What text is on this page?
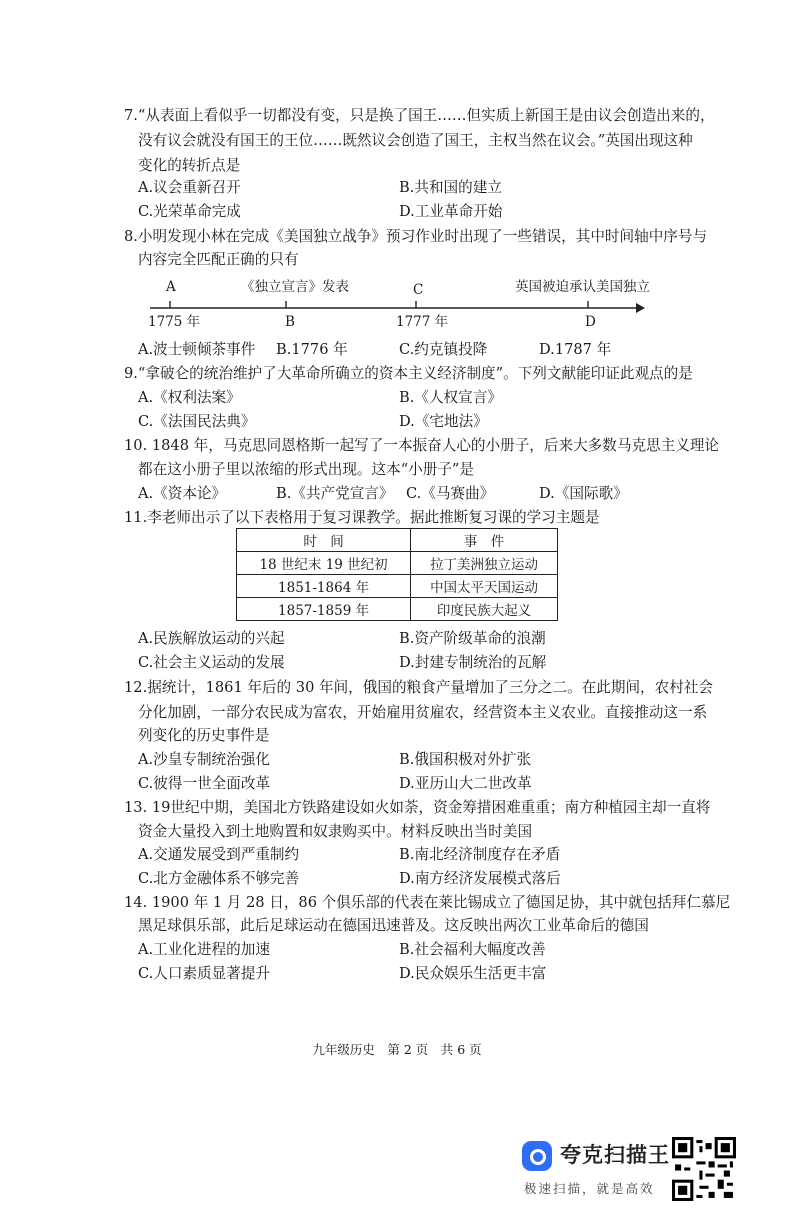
7.“从表面上看似乎一切都没有变，只是换了国王……但实质上新国王是由议会创造出来的，
没有议会就没有国王的王位……既然议会创造了国王，主权当然在议会。”英国出现这种
变化的转折点是
A.议会重新召开	B.共和国的建立
C.光荣革命完成	D.工业革命开始
8.小明发现小林在完成《美国独立战争》预习作业时出现了一些错误，其中时间轴中序号与
内容完全匹配正确的只有
A	《独立宣言》发表	C	英国被迫承认美国独立
1775 年	B	1777 年	D
A.波士顿倾茶事件 B.1776 年	C.约克镇投降	D.1787 年
9.“拿破仑的统治维护了大革命所确立的资本主义经济制度”。下列文献能印证此观点的是
A.《权利法案》	B.《人权宣言》
C.《法国民法典》	D.《宅地法》
10. 1848 年，马克思同恩格斯一起写了一本振奋人心的小册子，后来大多数马克思主义理论
都在这小册子里以浓缩的形式出现。这本“小册子”是
A.《资本论》	B.《共产党宣言》 C.《马赛曲》	D.《国际歌》
11.李老师出示了以下表格用于复习课教学。据此推断复习课的学习主题是
时　间	事　件
18 世纪末 19 世纪初	拉丁美洲独立运动
1851-1864 年	中国太平天国运动
1857-1859 年	印度民族大起义
A.民族解放运动的兴起	B.资产阶级革命的浪潮
C.社会主义运动的发展	D.封建专制统治的瓦解
12.据统计，1861 年后的 30 年间，俄国的粮食产量增加了三分之二。在此期间，农村社会
分化加剧，一部分农民成为富农，开始雇用贫雇农，经营资本主义农业。直接推动这一系
列变化的历史事件是
A.沙皇专制统治强化	B.俄国积极对外扩张
C.彼得一世全面改革	D.亚历山大二世改革
13. 19世纪中期，美国北方铁路建设如火如荼，资金筹措困难重重；南方种植园主却一直将
资金大量投入到土地购置和奴隶购买中。材料反映出当时美国
A.交通发展受到严重制约	B.南北经济制度存在矛盾
C.北方金融体系不够完善	D.南方经济发展模式落后
14. 1900 年 1 月 28 日，86 个俱乐部的代表在莱比锡成立了德国足协，其中就包括拜仁慕尼
黑足球俱乐部，此后足球运动在德国迅速普及。这反映出两次工业革命后的德国
A.工业化进程的加速	B.社会福利大幅度改善
C.人口素质显著提升	D.民众娱乐生活更丰富
九年级历史　第 2 页　共 6 页
夸克扫描王
极速扫描，就是高效
